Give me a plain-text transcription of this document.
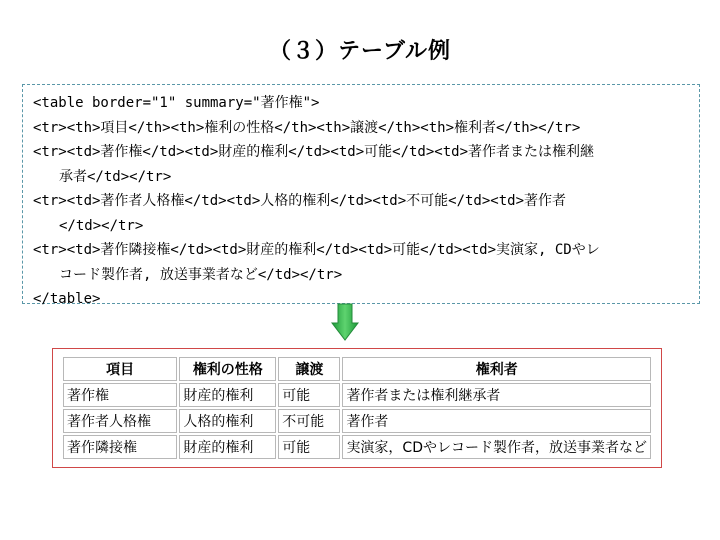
（３）テーブル例
<table border="1" summary="著作権">
<tr><th>項目</th><th>権利の性格</th><th>譲渡</th><th>権利者</th></tr>
<tr><td>著作権</td><td>財産的権利</td><td>可能</td><td>著作者または権利継
承者</td></tr>
<tr><td>著作者人格権</td><td>人格的権利</td><td>不可能</td><td>著作者
</td></tr>
<tr><td>著作隣接権</td><td>財産的権利</td><td>可能</td><td>実演家, CDやレ
コード製作者, 放送事業者など</td></tr>
</table>
項目	権利の性格	譲渡	権利者
著作権	財産的権利	可能	著作者または権利継承者
著作者人格権	人格的権利	不可能	著作者
著作隣接権	財産的権利	可能	実演家，CDやレコード製作者，放送事業者など
